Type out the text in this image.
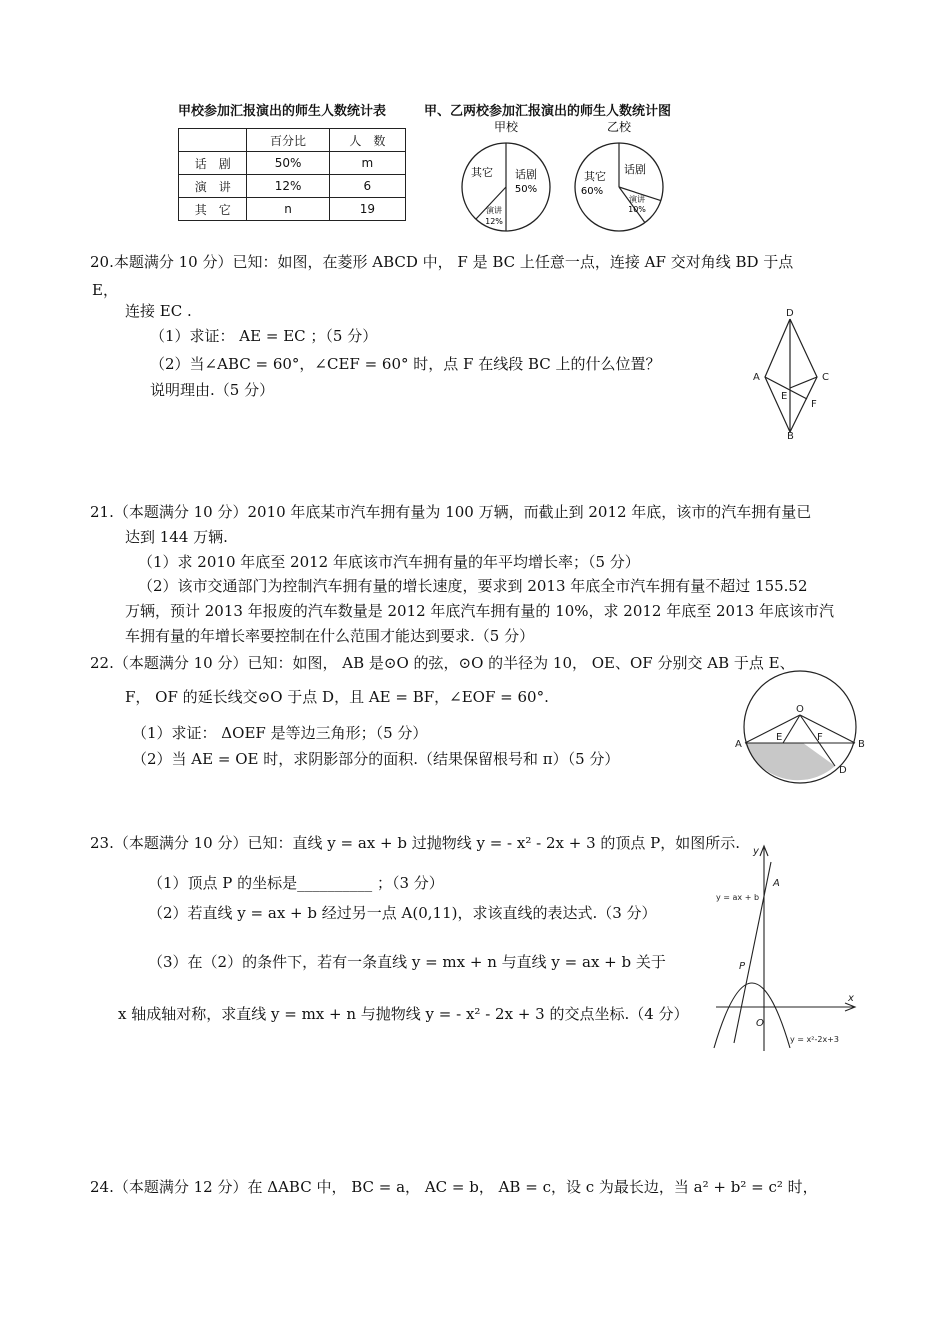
甲校参加汇报演出的师生人数统计表	甲、乙两校参加汇报演出的师生人数统计图
	百分比	人　数
话　剧	50%	m
演　讲	12%	6
其　它	n	19
甲校	乙校
话剧
50%
其它
演讲
12%
话剧
其它
60%
演讲
10%
20.本题满分 10 分）已知：如图，在菱形 ABCD 中， F 是 BC 上任意一点，连接 AF 交对角线 BD 于点
E，
连接 EC .
（1）求证： AE = EC ；（5 分）
（2）当∠ABC = 60°，∠CEF = 60° 时，点 F 在线段 BC 上的什么位置？
说明理由.（5 分）
D
A	C
E
F
B
21.（本题满分 10 分）2010 年底某市汽车拥有量为 100 万辆，而截止到 2012 年底，该市的汽车拥有量已
达到 144 万辆.
（1）求 2010 年底至 2012 年底该市汽车拥有量的年平均增长率；（5 分）
（2）该市交通部门为控制汽车拥有量的增长速度，要求到 2013 年底全市汽车拥有量不超过 155.52
万辆，预计 2013 年报废的汽车数量是 2012 年底汽车拥有量的 10%，求 2012 年底至 2013 年底该市汽
车拥有量的年增长率要控制在什么范围才能达到要求.（5 分）
22.（本题满分 10 分）已知：如图， AB 是⊙O 的弦，⊙O 的半径为 10， OE、OF 分别交 AB 于点 E、
F， OF 的延长线交⊙O 于点 D，且 AE = BF，∠EOF = 60°.
（1）求证： ΔOEF 是等边三角形；（5 分）
（2）当 AE = OE 时，求阴影部分的面积.（结果保留根号和 π）（5 分）
O
A
E	F
B
D
23.（本题满分 10 分）已知：直线 y = ax + b 过抛物线 y = - x² - 2x + 3 的顶点 P，如图所示.
（1）顶点 P 的坐标是__________ ；（3 分）
（2）若直线 y = ax + b 经过另一点 A(0,11)，求该直线的表达式.（3 分）
（3）在（2）的条件下，若有一条直线 y = mx + n 与直线 y = ax + b 关于
x 轴成轴对称，求直线 y = mx + n 与抛物线 y = - x² - 2x + 3 的交点坐标.（4 分）
y
x
A
P
O
y = ax + b
y = x²-2x+3
24.（本题满分 12 分）在 ΔABC 中， BC = a， AC = b， AB = c，设 c 为最长边，当 a² + b² = c² 时，
